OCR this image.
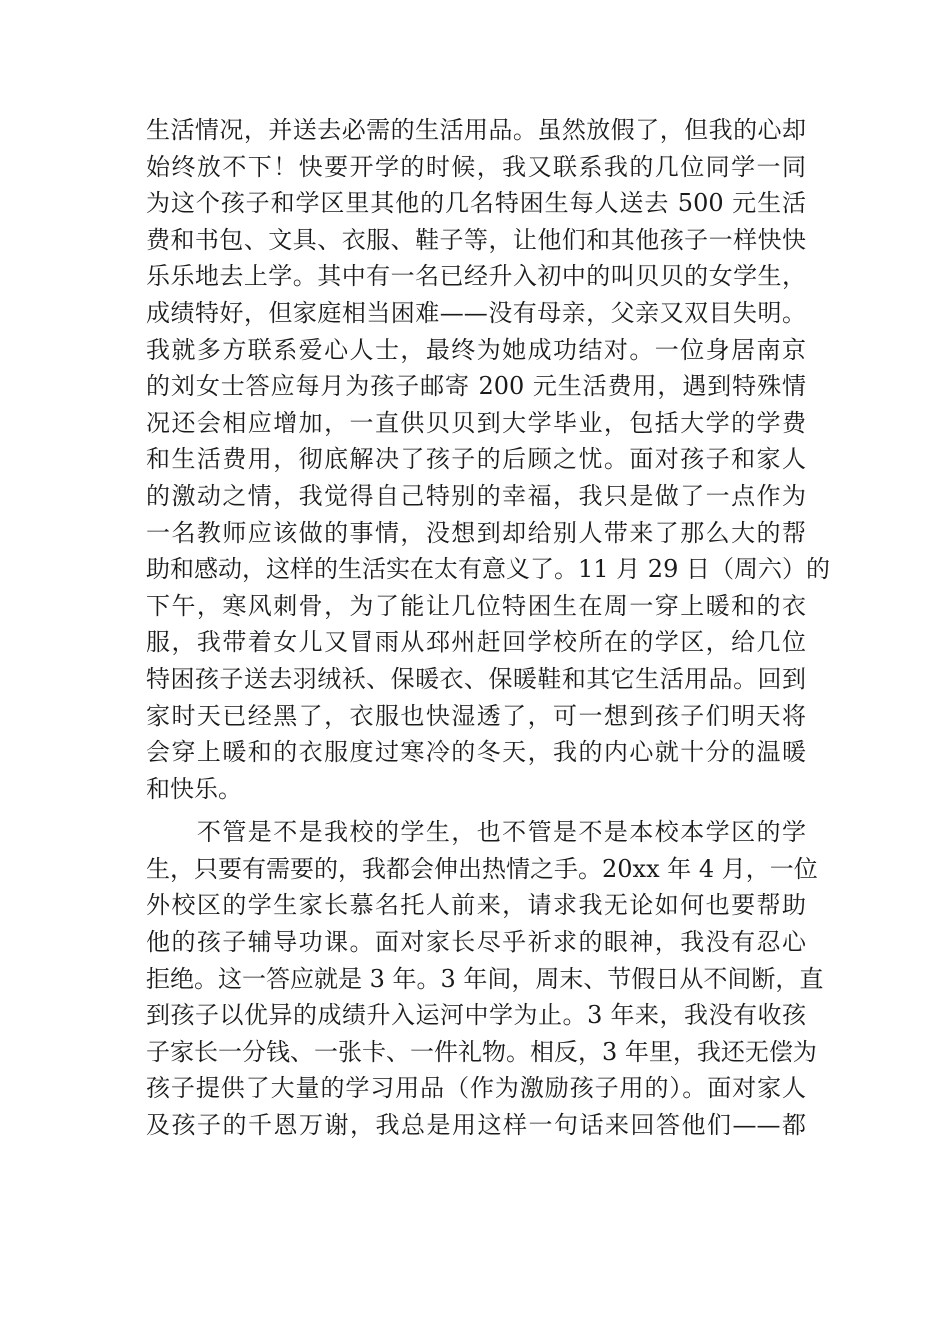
生活情况，并送去必需的生活用品。虽然放假了，但我的心却
始终放不下！快要开学的时候，我又联系我的几位同学一同
为这个孩子和学区里其他的几名特困生每人送去 500 元生活
费和书包、文具、衣服、鞋子等，让他们和其他孩子一样快快
乐乐地去上学。其中有一名已经升入初中的叫贝贝的女学生，
成绩特好，但家庭相当困难——没有母亲，父亲又双目失明。
我就多方联系爱心人士，最终为她成功结对。一位身居南京
的刘女士答应每月为孩子邮寄 200 元生活费用，遇到特殊情
况还会相应增加，一直供贝贝到大学毕业，包括大学的学费
和生活费用，彻底解决了孩子的后顾之忧。面对孩子和家人
的激动之情，我觉得自己特别的幸福，我只是做了一点作为
一名教师应该做的事情，没想到却给别人带来了那么大的帮
助和感动，这样的生活实在太有意义了。11 月 29 日（周六）的
下午，寒风刺骨，为了能让几位特困生在周一穿上暖和的衣
服，我带着女儿又冒雨从邳州赶回学校所在的学区，给几位
特困孩子送去羽绒袄、保暖衣、保暖鞋和其它生活用品。回到
家时天已经黑了，衣服也快湿透了，可一想到孩子们明天将
会穿上暖和的衣服度过寒冷的冬天，我的内心就十分的温暖
和快乐。
　　不管是不是我校的学生，也不管是不是本校本学区的学
生，只要有需要的，我都会伸出热情之手。20xx 年 4 月，一位
外校区的学生家长慕名托人前来，请求我无论如何也要帮助
他的孩子辅导功课。面对家长尽乎祈求的眼神，我没有忍心
拒绝。这一答应就是 3 年。3 年间，周末、节假日从不间断，直
到孩子以优异的成绩升入运河中学为止。3 年来，我没有收孩
子家长一分钱、一张卡、一件礼物。相反，3 年里，我还无偿为
孩子提供了大量的学习用品（作为激励孩子用的）。面对家人
及孩子的千恩万谢，我总是用这样一句话来回答他们——都
